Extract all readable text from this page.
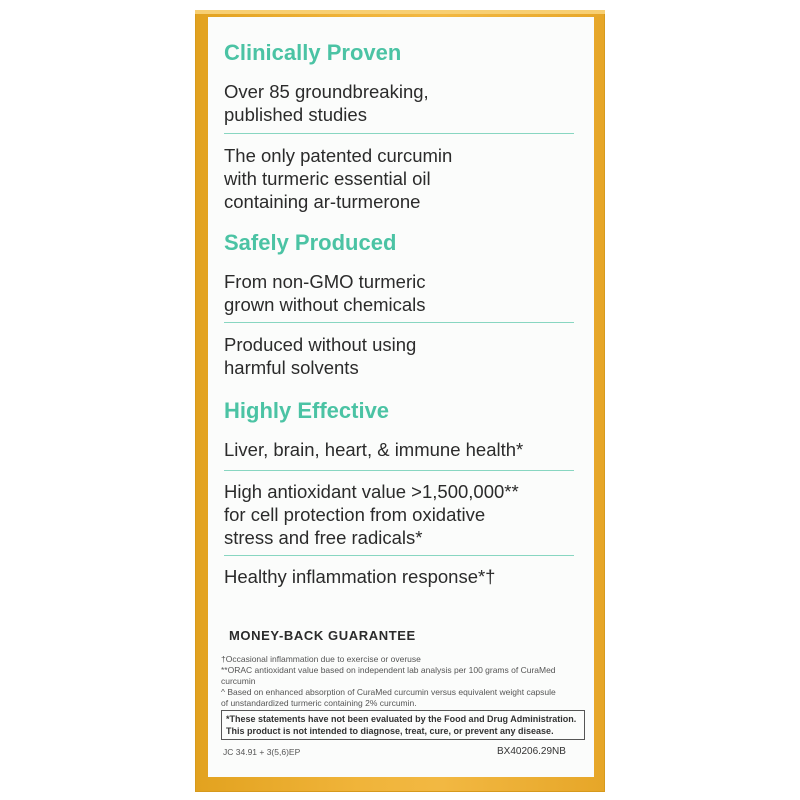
Clinically Proven

Over 85 groundbreaking,
published studies

The only patented curcumin
with turmeric essential oil
containing ar-turmerone

Safely Produced

From non-GMO turmeric
grown without chemicals

Produced without using
harmful solvents

Highly Effective

Liver, brain, heart, & immune health*

High antioxidant value >1,500,000**
for cell protection from oxidative
stress and free radicals*

Healthy inflammation response*†

MONEY-BACK GUARANTEE
†Occasional inflammation due to exercise or overuse
**ORAC antioxidant value based on independent lab analysis per 100 grams of CuraMed curcumin
^ Based on enhanced absorption of CuraMed curcumin versus equivalent weight capsule
of unstandardized turmeric containing 2% curcumin.
*These statements have not been evaluated by the Food and Drug Administration.
This product is not intended to diagnose, treat, cure, or prevent any disease.
JC 34.91 + 3(5,6)EP	BX40206.29NB
